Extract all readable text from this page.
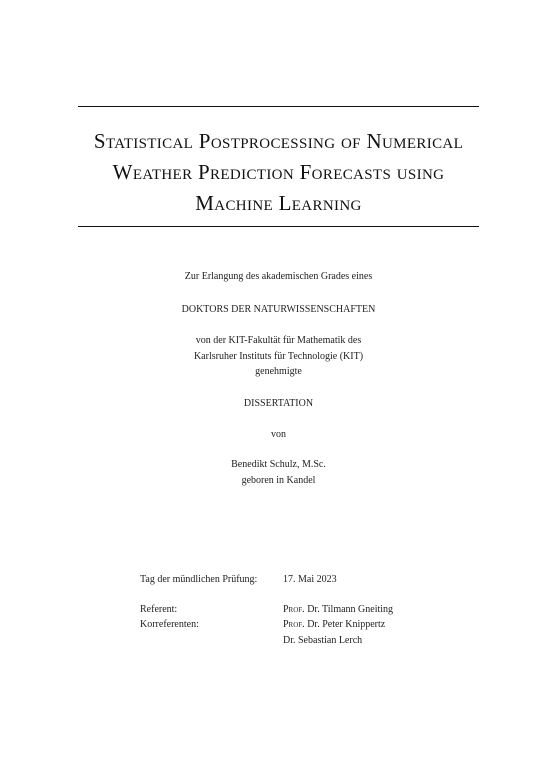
Statistical Postprocessing of Numerical
Weather Prediction Forecasts using
Machine Learning
Zur Erlangung des akademischen Grades eines
DOKTORS DER NATURWISSENSCHAFTEN
von der KIT-Fakultät für Mathematik des
Karlsruher Instituts für Technologie (KIT)
genehmigte
DISSERTATION
von
Benedikt Schulz, M.Sc.
geboren in Kandel
Tag der mündlichen Prüfung:	17. Mai 2023
Referent:	Prof. Dr. Tilmann Gneiting
Korreferenten:	Prof. Dr. Peter Knippertz
Dr. Sebastian Lerch
